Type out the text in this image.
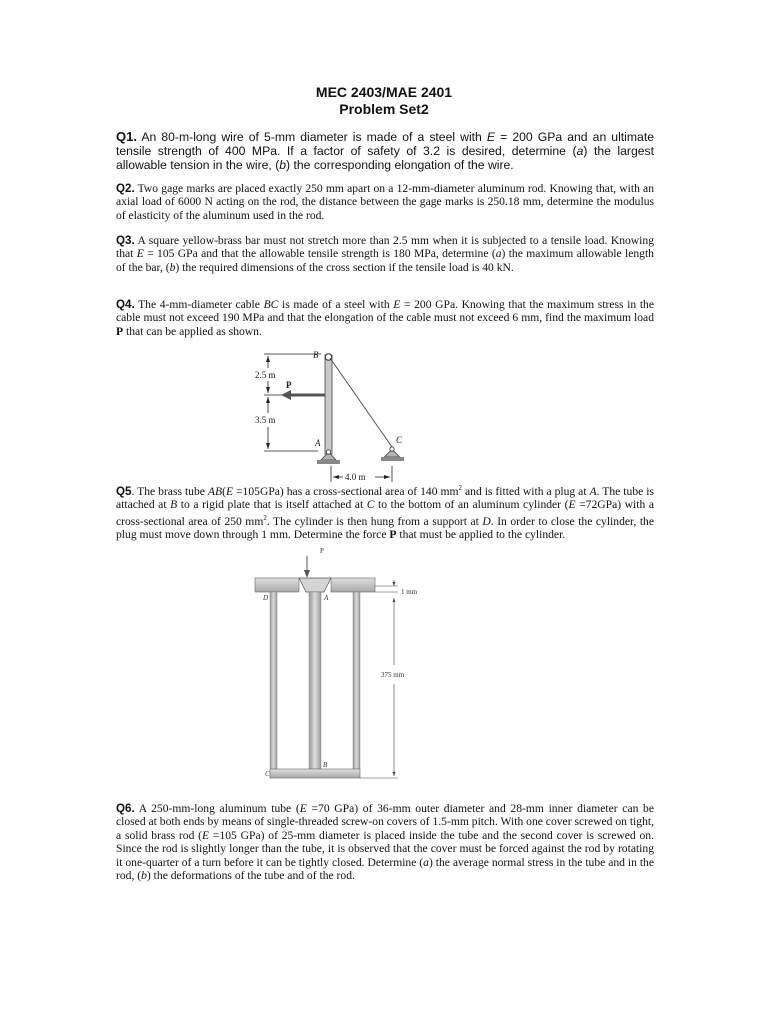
MEC 2403/MAE 2401
Problem Set2
Q1. An 80-m-long wire of 5-mm diameter is made of a steel with E = 200 GPa and an ultimate tensile strength of 400 MPa. If a factor of safety of 3.2 is desired, determine (a) the largest allowable tension in the wire, (b) the corresponding elongation of the wire.
Q2. Two gage marks are placed exactly 250 mm apart on a 12-mm-diameter aluminum rod. Knowing that, with an axial load of 6000 N acting on the rod, the distance between the gage marks is 250.18 mm, determine the modulus of elasticity of the aluminum used in the rod.
Q3. A square yellow-brass bar must not stretch more than 2.5 mm when it is subjected to a tensile load. Knowing that E = 105 GPa and that the allowable tensile strength is 180 MPa, determine (a) the maximum allowable length of the bar, (b) the required dimensions of the cross section if the tensile load is 40 kN.
Q4. The 4-mm-diameter cable BC is made of a steel with E = 200 GPa. Knowing that the maximum stress in the cable must not exceed 190 MPa and that the elongation of the cable must not exceed 6 mm, find the maximum load P that can be applied as shown.
2.5 m
3.5 m
4.0 m
P
B
A	C
Q5. The brass tube AB(E =105GPa) has a cross-sectional area of 140 $mm^2$ and is fitted with a plug at A. The tube is attached at B to a rigid plate that is itself attached at C to the bottom of an aluminum cylinder (E =72GPa) with a cross-sectional area of 250 $mm^2$. The cylinder is then hung from a support at D. In order to close the cylinder, the plug must move down through 1 mm. Determine the force P that must be applied to the cylinder.
P
1 mm
375 mm
D	A
B
C
Q6. A 250-mm-long aluminum tube (E =70 GPa) of 36-mm outer diameter and 28-mm inner diameter can be closed at both ends by means of single-threaded screw-on covers of 1.5-mm pitch. With one cover screwed on tight, a solid brass rod (E =105 GPa) of 25-mm diameter is placed inside the tube and the second cover is screwed on. Since the rod is slightly longer than the tube, it is observed that the cover must be forced against the rod by rotating it one-quarter of a turn before it can be tightly closed. Determine (a) the average normal stress in the tube and in the rod, (b) the deformations of the tube and of the rod.
